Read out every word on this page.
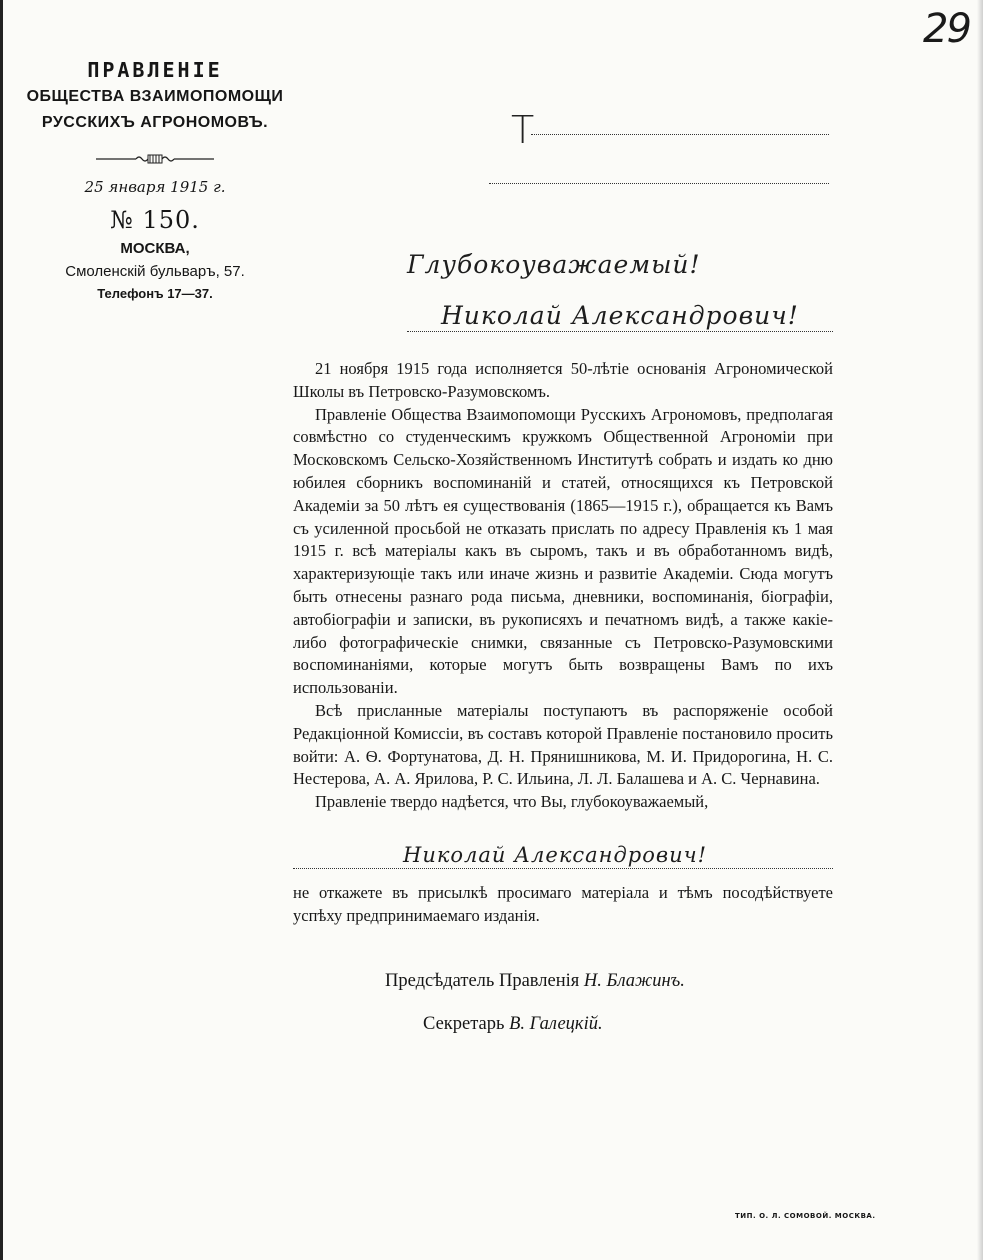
29
ПРАВЛЕНІЕ
ОБЩЕСТВА ВЗАИМОПОМОЩИ
РУССКИХЪ АГРОНОМОВЪ.
25 января 1915 г.
№ 150.
МОСКВА,
Смоленскій бульваръ, 57.
Телефонъ 17—37.
Т
Глубокоуважаемый!
Николай Александрович!

21 ноября 1915 года исполняется 50-лѣтіе основанія Агрономической Школы въ Петровско-Разумовскомъ.

Правленіе Общества Взаимопомощи Русскихъ Агрономовъ, предполагая совмѣстно со студенческимъ кружкомъ Общественной Агрономіи при Московскомъ Сельско-Хозяйственномъ Институтѣ собрать и издать ко дню юбилея сборникъ воспоминаній и статей, относящихся къ Петровской Академіи за 50 лѣтъ ея существованія (1865—1915 г.), обращается къ Вамъ съ усиленной просьбой не отказать прислать по адресу Правленія къ 1 мая 1915 г. всѣ матеріалы какъ въ сыромъ, такъ и въ обработанномъ видѣ, характеризующіе такъ или иначе жизнь и развитіе Академіи. Сюда могутъ быть отнесены разнаго рода письма, дневники, воспоминанія, біографіи, автобіографіи и записки, въ рукописяхъ и печатномъ видѣ, а также какіе-либо фотографическіе снимки, связанные съ Петровско-Разумовскими воспоминаніями, которые могутъ быть возвращены Вамъ по ихъ использованіи.

Всѣ присланные матеріалы поступаютъ въ распоряженіе особой Редакціонной Комиссіи, въ составъ которой Правленіе постановило просить войти: А. Ѳ. Фортунатова, Д. Н. Прянишникова, М. И. Придорогина, Н. С. Нестерова, А. А. Ярилова, Р. С. Ильина, Л. Л. Балашева и А. С. Чернавина.

Правленіе твердо надѣется, что Вы, глубокоуважаемый,

Николай Александрович!

не откажете въ присылкѣ просимаго матеріала и тѣмъ посодѣйствуете успѣху предпринимаемаго изданія.

Предсѣдатель Правленія Н. Блажинъ.
Секретарь В. Галецкій.
ТИП. О. Л. СОМОВОЙ. МОСКВА.
